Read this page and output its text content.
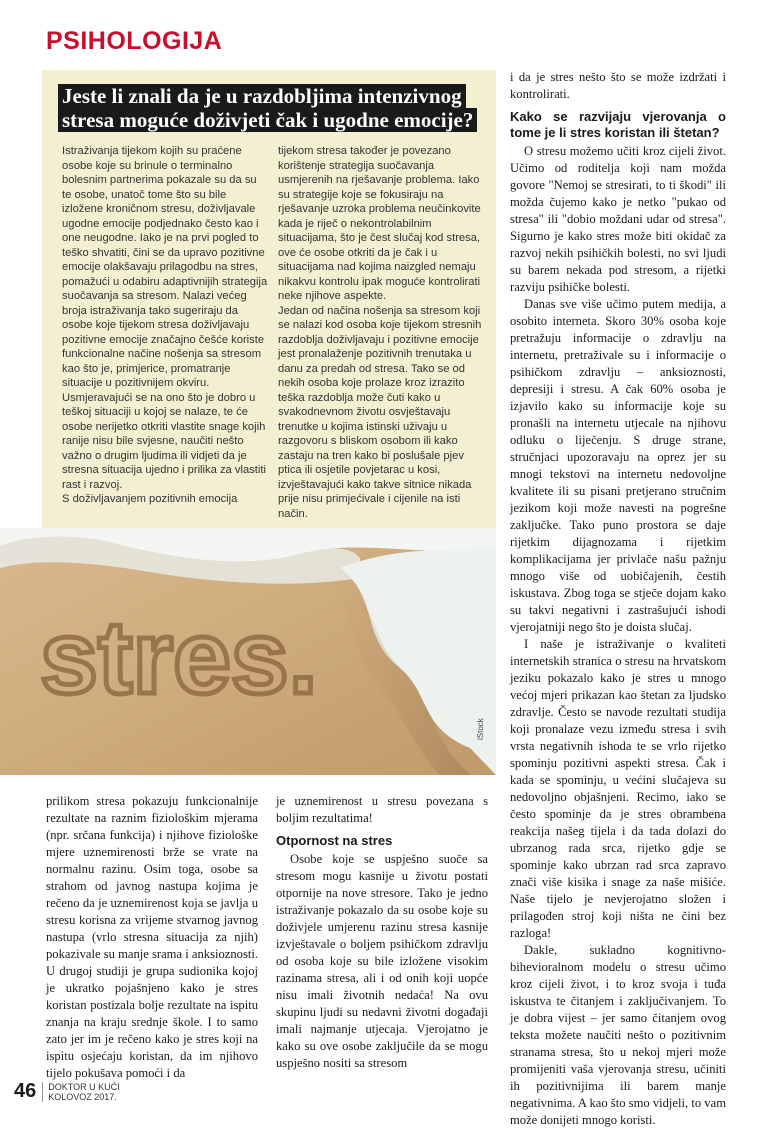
PSIHOLOGIJA
Jeste li znali da je u razdobljima intenzivnog stresa moguće doživjeti čak i ugodne emocije?

Istraživanja tijekom kojih su praćene osobe koje su brinule o terminalno bolesnim partnerima pokazale su da su te osobe, unatoč tome što su bile izložene kroničnom stresu, doživljavale ugodne emocije podjednako često kao i one neugodne. Iako je na prvi pogled to teško shvatiti, čini se da upravo pozitivne emocije olakšavaju prilagodbu na stres, pomažući u odabiru adaptivnijih strategija suočavanja sa stresom. Nalazi većeg broja istraživanja tako sugeriraju da osobe koje tijekom stresa doživljavaju pozitivne emocije značajno češće koriste funkcionalne načine nošenja sa stresom kao što je, primjerice, promatranje situacije u pozitivnijem okviru. Usmjeravajući se na ono što je dobro u teškoj situaciji u kojoj se nalaze, te će osobe nerijetko otkriti vlastite snage kojih ranije nisu bile svjesne, naučiti nešto važno o drugim ljudima ili vidjeti da je stresna situacija ujedno i prilika za vlastiti rast i razvoj.

S doživljavanjem pozitivnih emocija

tijekom stresa također je povezano korištenje strategija suočavanja usmjerenih na rješavanje problema. Iako su strategije koje se fokusiraju na rješavanje uzroka problema neučinkovite kada je riječ o nekontrolabilnim situacijama, što je čest slučaj kod stresa, ove će osobe otkriti da je čak i u situacijama nad kojima naizgled nemaju nikakvu kontrolu ipak moguće kontrolirati neke njihove aspekte.

Jedan od načina nošenja sa stresom koji se nalazi kod osoba koje tijekom stresnih razdoblja doživljavaju i pozitivne emocije jest pronalaženje pozitivnih trenutaka u danu za predah od stresa. Tako se od nekih osoba koje prolaze kroz izrazito teška razdoblja može čuti kako u svakodnevnom životu osvještavaju trenutke u kojima istinski uživaju u razgovoru s bliskom osobom ili kako zastaju na tren kako bi poslušale pjev ptica ili osjetile povjetarac u kosi, izvještavajući kako takve sitnice nikada prije nisu primjećivale i cijenile na isti način.

stres.
iStock

prilikom stresa pokazuju funkcionalnije rezultate na raznim fiziološkim mjerama (npr. srčana funkcija) i njihove fiziološke mjere uznemirenosti brže se vrate na normalnu razinu. Osim toga, osobe sa strahom od javnog nastupa kojima je rečeno da je uznemirenost koja se javlja u stresu korisna za vrijeme stvarnog javnog nastupa (vrlo stresna situacija za njih) pokazivale su manje srama i anksioznosti. U drugoj studiji je grupa sudionika kojoj je ukratko pojašnjeno kako je stres koristan postizala bolje rezultate na ispitu znanja na kraju srednje škole. I to samo zato jer im je rečeno kako je stres koji na ispitu osjećaju koristan, da im njihovo tijelo pokušava pomoći i da

je uznemirenost u stresu povezana s boljim rezultatima!

Otpornost na stres

Osobe koje se uspješno suoče sa stresom mogu kasnije u životu postati otpornije na nove stresore. Tako je jedno istraživanje pokazalo da su osobe koje su doživjele umjerenu razinu stresa kasnije izvještavale o boljem psihičkom zdravlju od osoba koje su bile izložene visokim razinama stresa, ali i od onih koji uopće nisu imali životnih nedaća! Na ovu skupinu ljudi su nedavni životni događaji imali najmanje utjecaja. Vjerojatno je kako su ove osobe zaključile da se mogu uspješno nositi sa stresom

i da je stres nešto što se može izdržati i kontrolirati.

Kako se razvijaju vjerovanja o tome je li stres koristan ili štetan?

O stresu možemo učiti kroz cijeli život. Učimo od roditelja koji nam možda govore "Nemoj se stresirati, to ti škodi" ili možda čujemo kako je netko "pukao od stresa" ili "dobio moždani udar od stresa". Sigurno je kako stres može biti okidač za razvoj nekih psihičkih bolesti, no svi ljudi su barem nekada pod stresom, a rijetki razviju psihičke bolesti.

Danas sve više učimo putem medija, a osobito interneta. Skoro 30% osoba koje pretražuju informacije o zdravlju na internetu, pretraživale su i informacije o psihičkom zdravlju – anksioznosti, depresiji i stresu. A čak 60% osoba je izjavilo kako su informacije koje su pronašli na internetu utjecale na njihovu odluku o liječenju. S druge strane, stručnjaci upozoravaju na oprez jer su mnogi tekstovi na internetu nedovoljne kvalitete ili su pisani pretjerano stručnim jezikom koji može navesti na pogrešne zaključke. Tako puno prostora se daje rijetkim dijagnozama i rijetkim komplikacijama jer privlače našu pažnju mnogo više od uobičajenih, čestih iskustava. Zbog toga se stječe dojam kako su takvi negativni i zastrašujući ishodi vjerojatniji nego što je doista slučaj.

I naše je istraživanje o kvaliteti internetskih stranica o stresu na hrvatskom jeziku pokazalo kako je stres u mnogo većoj mjeri prikazan kao štetan za ljudsko zdravlje. Često se navode rezultati studija koji pronalaze vezu između stresa i svih vrsta negativnih ishoda te se vrlo rijetko spominju pozitivni aspekti stresa. Čak i kada se spominju, u većini slučajeva su nedovoljno objašnjeni. Recimo, iako se često spominje da je stres obrambena reakcija našeg tijela i da tada dolazi do ubrzanog rada srca, rijetko gdje se spominje kako ubrzan rad srca zapravo znači više kisika i snage za naše mišiće. Naše tijelo je nevjerojatno složen i prilagođen stroj koji ništa ne čini bez razloga!

Dakle, sukladno kognitivno-bihevioralnom modelu o stresu učimo kroz cijeli život, i to kroz svoja i tuđa iskustva te čitanjem i zaključivanjem. To je dobra vijest – jer samo čitanjem ovog teksta možete naučiti nešto o pozitivnim stranama stresa, što u nekoj mjeri može promijeniti vaša vjerovanja stresu, učiniti ih pozitivnijima ili barem manje negativnima. A kao što smo vidjeli, to vam može donijeti mnogo koristi.

46 DOKTOR U KUĆI
KOLOVOZ 2017.
